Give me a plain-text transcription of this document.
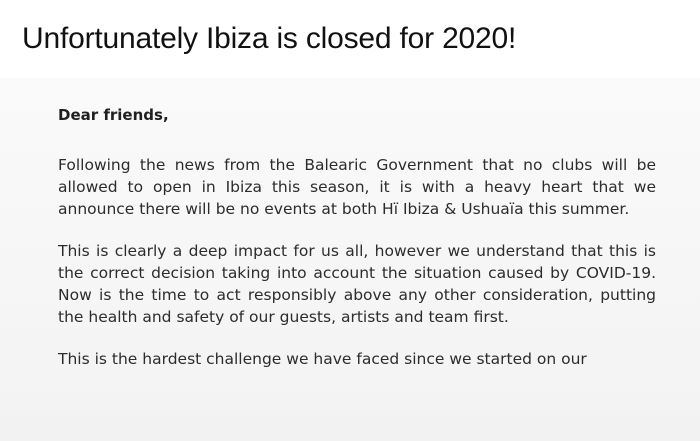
Unfortunately Ibiza is closed for 2020!

Dear friends,

Following the news from the Balearic Government that no clubs will be allowed to open in Ibiza this season, it is with a heavy heart that we announce there will be no events at both Hï Ibiza & Ushuaïa this summer.

This is clearly a deep impact for us all, however we understand that this is the correct decision taking into account the situation caused by COVID-19. Now is the time to act responsibly above any other consideration, putting the health and safety of our guests, artists and team first.

This is the hardest challenge we have faced since we started on our
